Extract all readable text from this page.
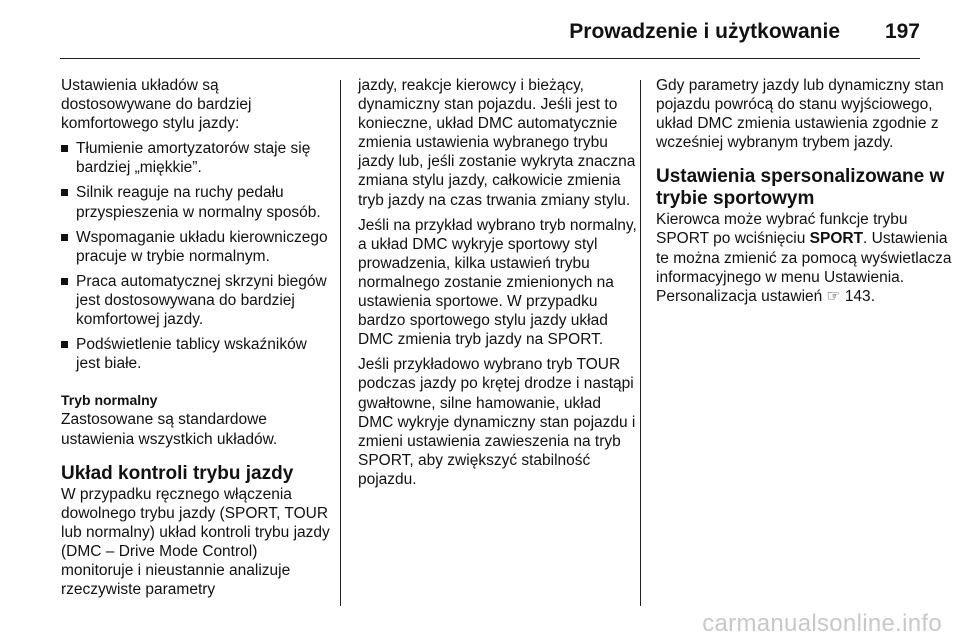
Prowadzenie i użytkowanie 197

Ustawienia układów są dostosowywane do bardziej komfortowego stylu jazdy:

Tłumienie amortyzatorów staje się bardziej „miękkie”.
Silnik reaguje na ruchy pedału przyspieszenia w normalny sposób.
Wspomaganie układu kierowniczego pracuje w trybie normalnym.
Praca automatycznej skrzyni biegów jest dostosowywana do bardziej komfortowej jazdy.
Podświetlenie tablicy wskaźników jest białe.
Tryb normalny

Zastosowane są standardowe ustawienia wszystkich układów.

Układ kontroli trybu jazdy

W przypadku ręcznego włączenia dowolnego trybu jazdy (SPORT, TOUR lub normalny) układ kontroli trybu jazdy (DMC – Drive Mode Control) monitoruje i nieustannie analizuje rzeczywiste parametry

jazdy, reakcje kierowcy i bieżący, dynamiczny stan pojazdu. Jeśli jest to konieczne, układ DMC automatycznie zmienia ustawienia wybranego trybu jazdy lub, jeśli zostanie wykryta znaczna zmiana stylu jazdy, całkowicie zmienia tryb jazdy na czas trwania zmiany stylu.

Jeśli na przykład wybrano tryb normalny, a układ DMC wykryje sportowy styl prowadzenia, kilka ustawień trybu normalnego zostanie zmienionych na ustawienia sportowe. W przypadku bardzo sportowego stylu jazdy układ DMC zmienia tryb jazdy na SPORT.

Jeśli przykładowo wybrano tryb TOUR podczas jazdy po krętej drodze i nastąpi gwałtowne, silne hamowanie, układ DMC wykryje dynamiczny stan pojazdu i zmieni ustawienia zawieszenia na tryb SPORT, aby zwiększyć stabilność pojazdu.

Gdy parametry jazdy lub dynamiczny stan pojazdu powrócą do stanu wyjściowego, układ DMC zmienia ustawienia zgodnie z wcześniej wybranym trybem jazdy.

Ustawienia spersonalizowane w trybie sportowym

Kierowca może wybrać funkcje trybu SPORT po wciśnięciu SPORT. Ustawienia te można zmienić za pomocą wyświetlacza informacyjnego w menu Ustawienia. Personalizacja ustawień ☞ 143.

carmanualsonline.info
